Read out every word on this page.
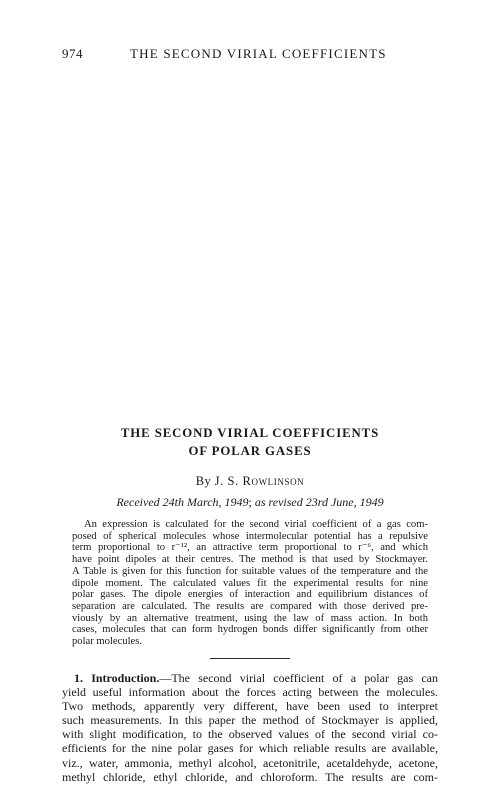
974	THE SECOND VIRIAL COEFFICIENTS
THE SECOND VIRIAL COEFFICIENTS
OF POLAR GASES
By J. S. Rowlinson
Received 24th March, 1949; as revised 23rd June, 1949
An expression is calculated for the second virial coefficient of a gas com-
posed of spherical molecules whose intermolecular potential has a repulsive
term proportional to r⁻¹², an attractive term proportional to r⁻⁶, and which
have point dipoles at their centres. The method is that used by Stockmayer.
A Table is given for this function for suitable values of the temperature and the
dipole moment. The calculated values fit the experimental results for nine
polar gases. The dipole energies of interaction and equilibrium distances of
separation are calculated. The results are compared with those derived pre-
viously by an alternative treatment, using the law of mass action. In both
cases, molecules that can form hydrogen bonds differ significantly from other
polar molecules.
1. Introduction.—The second virial coefficient of a polar gas can
yield useful information about the forces acting between the molecules.
Two methods, apparently very different, have been used to interpret
such measurements. In this paper the method of Stockmayer is applied,
with slight modification, to the observed values of the second virial co-
efficients for the nine polar gases for which reliable results are available,
viz., water, ammonia, methyl alcohol, acetonitrile, acetaldehyde, acetone,
methyl chloride, ethyl chloride, and chloroform. The results are com-
